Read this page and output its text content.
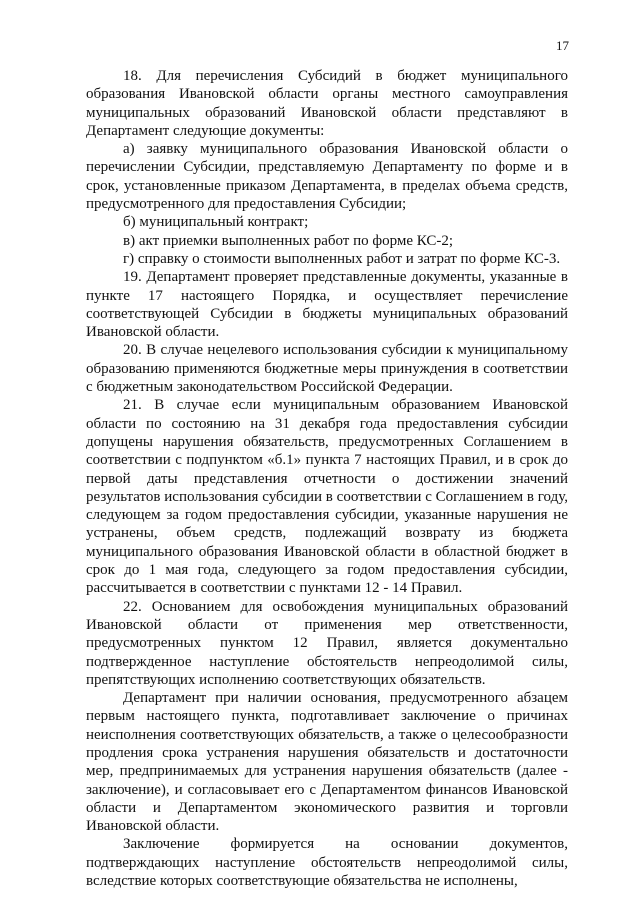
17

18. Для перечисления Субсидий в бюджет муниципального образования Ивановской области органы местного самоуправления муниципальных образований Ивановской области представляют в Департамент следующие документы:

а) заявку муниципального образования Ивановской области о перечислении Субсидии, представляемую Департаменту по форме и в срок, установленные приказом Департамента, в пределах объема средств, предусмотренного для предоставления Субсидии;

б) муниципальный контракт;

в) акт приемки выполненных работ по форме КС-2;

г) справку о стоимости выполненных работ и затрат по форме КС-3.

19. Департамент проверяет представленные документы, указанные в пункте 17 настоящего Порядка, и осуществляет перечисление соответствующей Субсидии в бюджеты муниципальных образований Ивановской области.

20. В случае нецелевого использования субсидии к муниципальному образованию применяются бюджетные меры принуждения в соответствии с бюджетным законодательством Российской Федерации.

21. В случае если муниципальным образованием Ивановской области по состоянию на 31 декабря года предоставления субсидии допущены нарушения обязательств, предусмотренных Соглашением в соответствии с подпунктом «б.1» пункта 7 настоящих Правил, и в срок до первой даты представления отчетности о достижении значений результатов использования субсидии в соответствии с Соглашением в году, следующем за годом предоставления субсидии, указанные нарушения не устранены, объем средств, подлежащий возврату из бюджета муниципального образования Ивановской области в областной бюджет в срок до 1 мая года, следующего за годом предоставления субсидии, рассчитывается в соответствии с пунктами 12 - 14 Правил.

22. Основанием для освобождения муниципальных образований Ивановской области от применения мер ответственности, предусмотренных пунктом 12 Правил, является документально подтвержденное наступление обстоятельств непреодолимой силы, препятствующих исполнению соответствующих обязательств.

Департамент при наличии основания, предусмотренного абзацем первым настоящего пункта, подготавливает заключение о причинах неисполнения соответствующих обязательств, а также о целесообразности продления срока устранения нарушения обязательств и достаточности мер, предпринимаемых для устранения нарушения обязательств (далее - заключение), и согласовывает его с Департаментом финансов Ивановской области и Департаментом экономического развития и торговли Ивановской области.

Заключение формируется на основании документов, подтверждающих наступление обстоятельств непреодолимой силы, вследствие которых соответствующие обязательства не исполнены,
